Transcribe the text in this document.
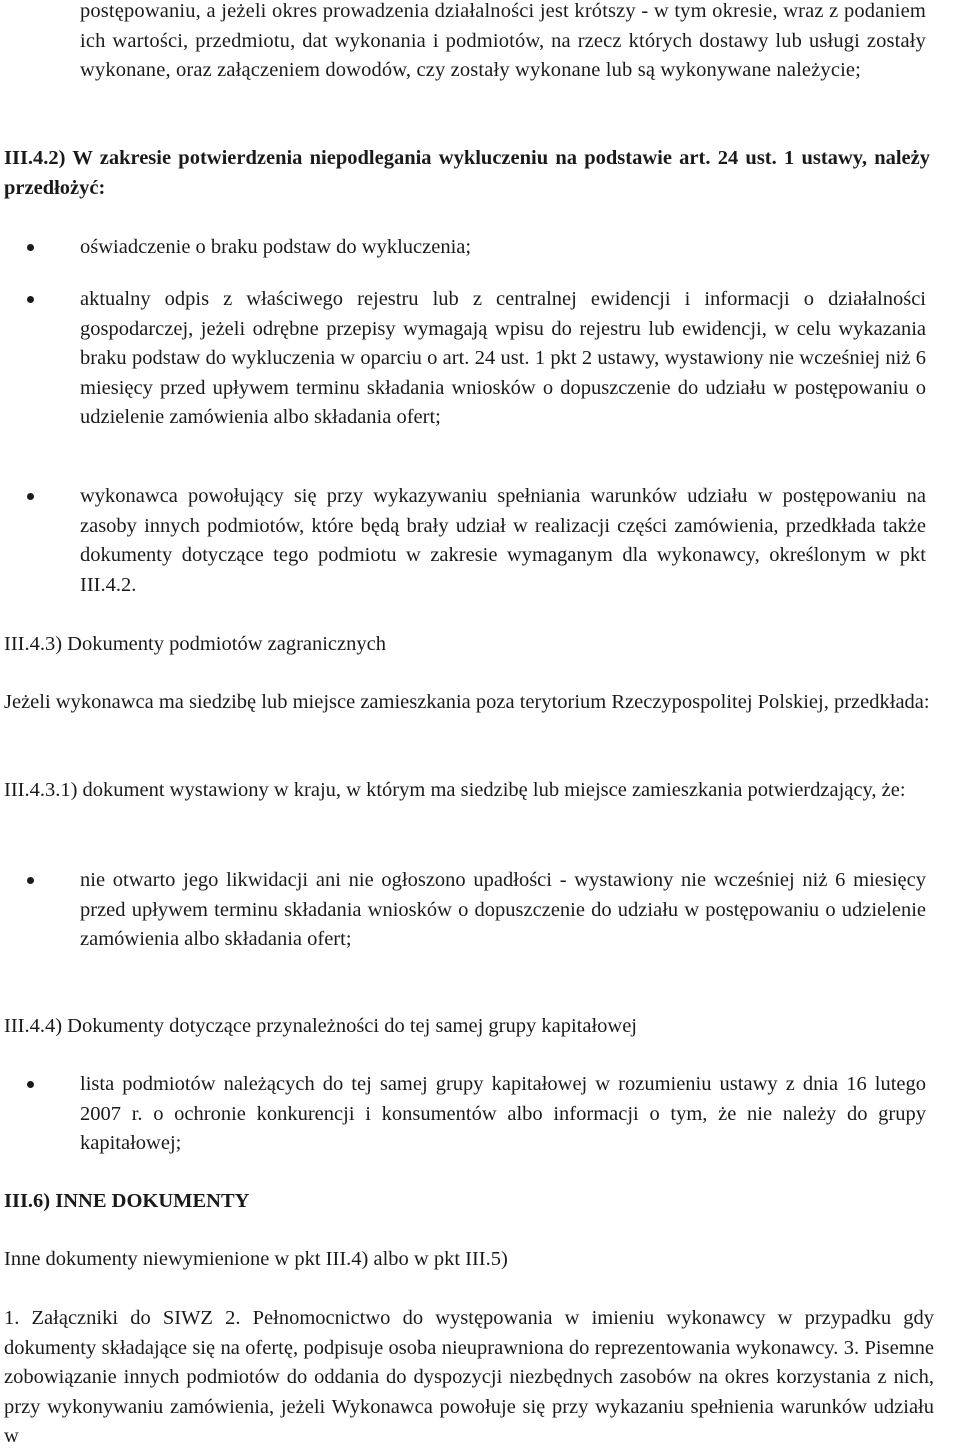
postępowaniu, a jeżeli okres prowadzenia działalności jest krótszy - w tym okresie, wraz z podaniem ich wartości, przedmiotu, dat wykonania i podmiotów, na rzecz których dostawy lub usługi zostały wykonane, oraz załączeniem dowodów, czy zostały wykonane lub są wykonywane należycie;

III.4.2) W zakresie potwierdzenia niepodlegania wykluczeniu na podstawie art. 24 ust. 1 ustawy, należy przedłożyć:

oświadczenie o braku podstaw do wykluczenia;

aktualny odpis z właściwego rejestru lub z centralnej ewidencji i informacji o działalności gospodarczej, jeżeli odrębne przepisy wymagają wpisu do rejestru lub ewidencji, w celu wykazania braku podstaw do wykluczenia w oparciu o art. 24 ust. 1 pkt 2 ustawy, wystawiony nie wcześniej niż 6 miesięcy przed upływem terminu składania wniosków o dopuszczenie do udziału w postępowaniu o udzielenie zamówienia albo składania ofert;

wykonawca powołujący się przy wykazywaniu spełniania warunków udziału w postępowaniu na zasoby innych podmiotów, które będą brały udział w realizacji części zamówienia, przedkłada także dokumenty dotyczące tego podmiotu w zakresie wymaganym dla wykonawcy, określonym w pkt III.4.2.

III.4.3) Dokumenty podmiotów zagranicznych

Jeżeli wykonawca ma siedzibę lub miejsce zamieszkania poza terytorium Rzeczypospolitej Polskiej, przedkłada:

III.4.3.1) dokument wystawiony w kraju, w którym ma siedzibę lub miejsce zamieszkania potwierdzający, że:

nie otwarto jego likwidacji ani nie ogłoszono upadłości - wystawiony nie wcześniej niż 6 miesięcy przed upływem terminu składania wniosków o dopuszczenie do udziału w postępowaniu o udzielenie zamówienia albo składania ofert;

III.4.4) Dokumenty dotyczące przynależności do tej samej grupy kapitałowej

lista podmiotów należących do tej samej grupy kapitałowej w rozumieniu ustawy z dnia 16 lutego 2007 r. o ochronie konkurencji i konsumentów albo informacji o tym, że nie należy do grupy kapitałowej;

III.6) INNE DOKUMENTY

Inne dokumenty niewymienione w pkt III.4) albo w pkt III.5)

1. Załączniki do SIWZ 2. Pełnomocnictwo do występowania w imieniu wykonawcy w przypadku gdy dokumenty składające się na ofertę, podpisuje osoba nieuprawniona do reprezentowania wykonawcy. 3. Pisemne zobowiązanie innych podmiotów do oddania do dyspozycji niezbędnych zasobów na okres korzystania z nich, przy wykonywaniu zamówienia, jeżeli Wykonawca powołuje się przy wykazaniu spełnienia warunków udziału w
